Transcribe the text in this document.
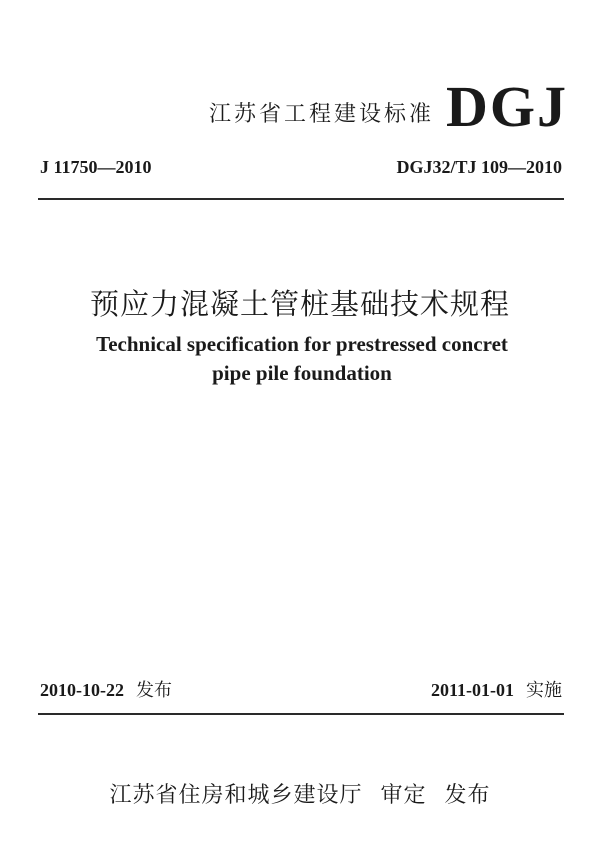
江苏省工程建设标准 DGJ
J 11750—2010	DGJ32/TJ 109—2010
预应力混凝土管桩基础技术规程
Technical specification for prestressed concret
pipe pile foundation
2010-10-22 发布	2011-01-01 实施
江苏省住房和城乡建设厅 审定 发布
